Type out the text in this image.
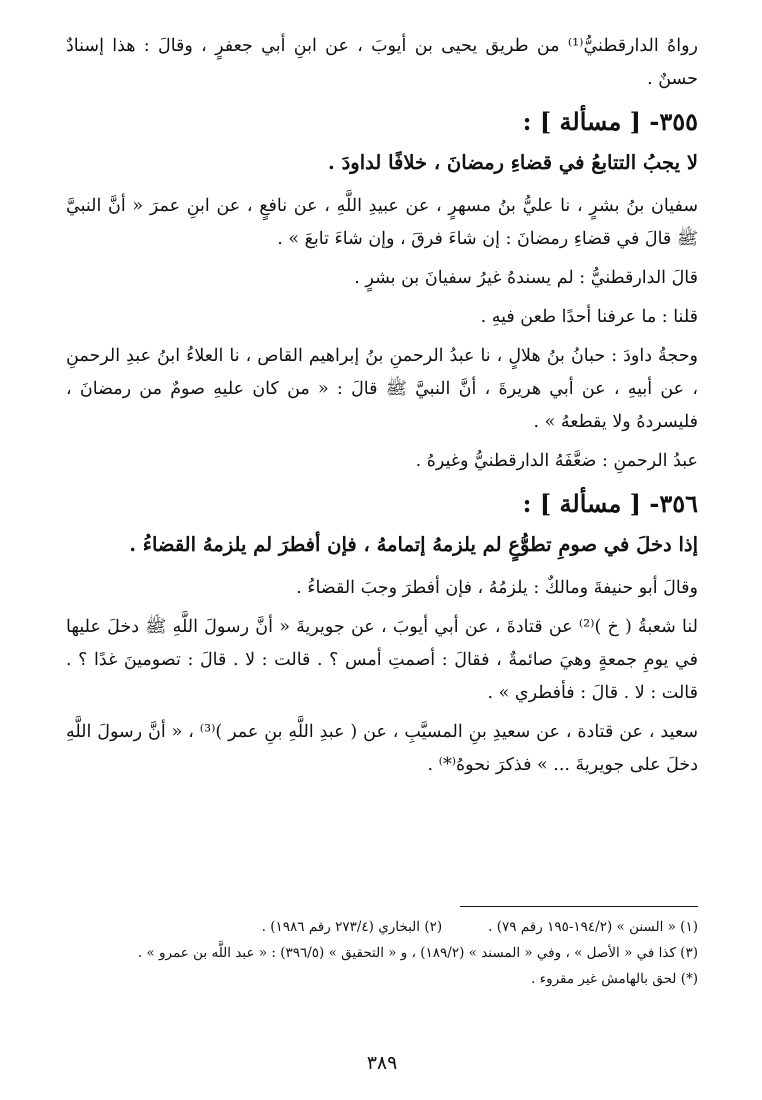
رواهُ الدارقطنيُّ⁽¹⁾ من طريق يحيى بن أيوبَ ، عن ابنِ أبي جعفرٍ ، وقالَ : هذا إسنادٌ حسنٌ .

٣٥٥- [ مسألة ] :
لا يجبُ التتابعُ في قضاءِ رمضانَ ، خلافًا لداودَ .

سفيان بنُ بشرٍ ، نا عليُّ بنُ مسهرٍ ، عن عبيدِ اللَّهِ ، عن نافعٍ ، عن ابنِ عمرَ « أنَّ النبيَّ ﷺ قالَ في قضاءِ رمضانَ : إن شاءَ فرقَ ، وإن شاءَ تابعَ » .

قالَ الدارقطنيُّ : لم يسندهُ غيرُ سفيانَ بن بشرٍ .

قلنا : ما عرفنا أحدًا طعن فيهِ .

وحجةُ داودَ : حبانُ بنُ هلالٍ ، نا عبدُ الرحمنِ بنُ إبراهيم القاص ، نا العلاءُ ابنُ عبدِ الرحمنِ ، عن أبيهِ ، عن أبي هريرةَ ، أنَّ النبيَّ ﷺ قالَ : « من كان عليهِ صومٌ من رمضانَ ، فليسردهُ ولا يقطعهُ » .

عبدُ الرحمنِ : ضعَّفَهُ الدارقطنيُّ وغيرهُ .

٣٥٦- [ مسألة ] :
إذا دخلَ في صومِ تطوُّعٍ لم يلزمهُ إتمامهُ ، فإن أفطرَ لم يلزمهُ القضاءُ .

وقالَ أبو حنيفةَ ومالكٌ : يلزمُهُ ، فإن أفطرَ وجبَ القضاءُ .

لنا شعبةُ ( خ )⁽²⁾ عن قتادةَ ، عن أبي أيوبَ ، عن جويريةَ « أنَّ رسولَ اللَّهِ ﷺ دخلَ عليها في يومِ جمعةٍ وهيَ صائمةٌ ، فقالَ : أصمتِ أمس ؟ . قالت : لا . قالَ : تصومينَ غدًا ؟ . قالت : لا . قالَ : فأفطري » .

سعيد ، عن قتادة ، عن سعيدِ بنِ المسيَّبِ ، عن ( عبدِ اللَّهِ بنِ عمر )⁽³⁾ ، « أنَّ رسولَ اللَّهِ دخلَ على جويريةَ ... » فذكرَ نحوهُ⁽*⁾ .

(١) « السنن » (١٩٤/٢-١٩٥ رقم ٧٩) .
(٢) البخاري (٢٧٣/٤ رقم ١٩٨٦) .
(٣) كذا في « الأصل » ، وفي « المسند » (١٨٩/٢) ، و « التحقيق » (٣٩٦/٥) : « عبد اللَّه بن عمرو » .
(*) لحق بالهامش غير مقروء .
٣٨٩
